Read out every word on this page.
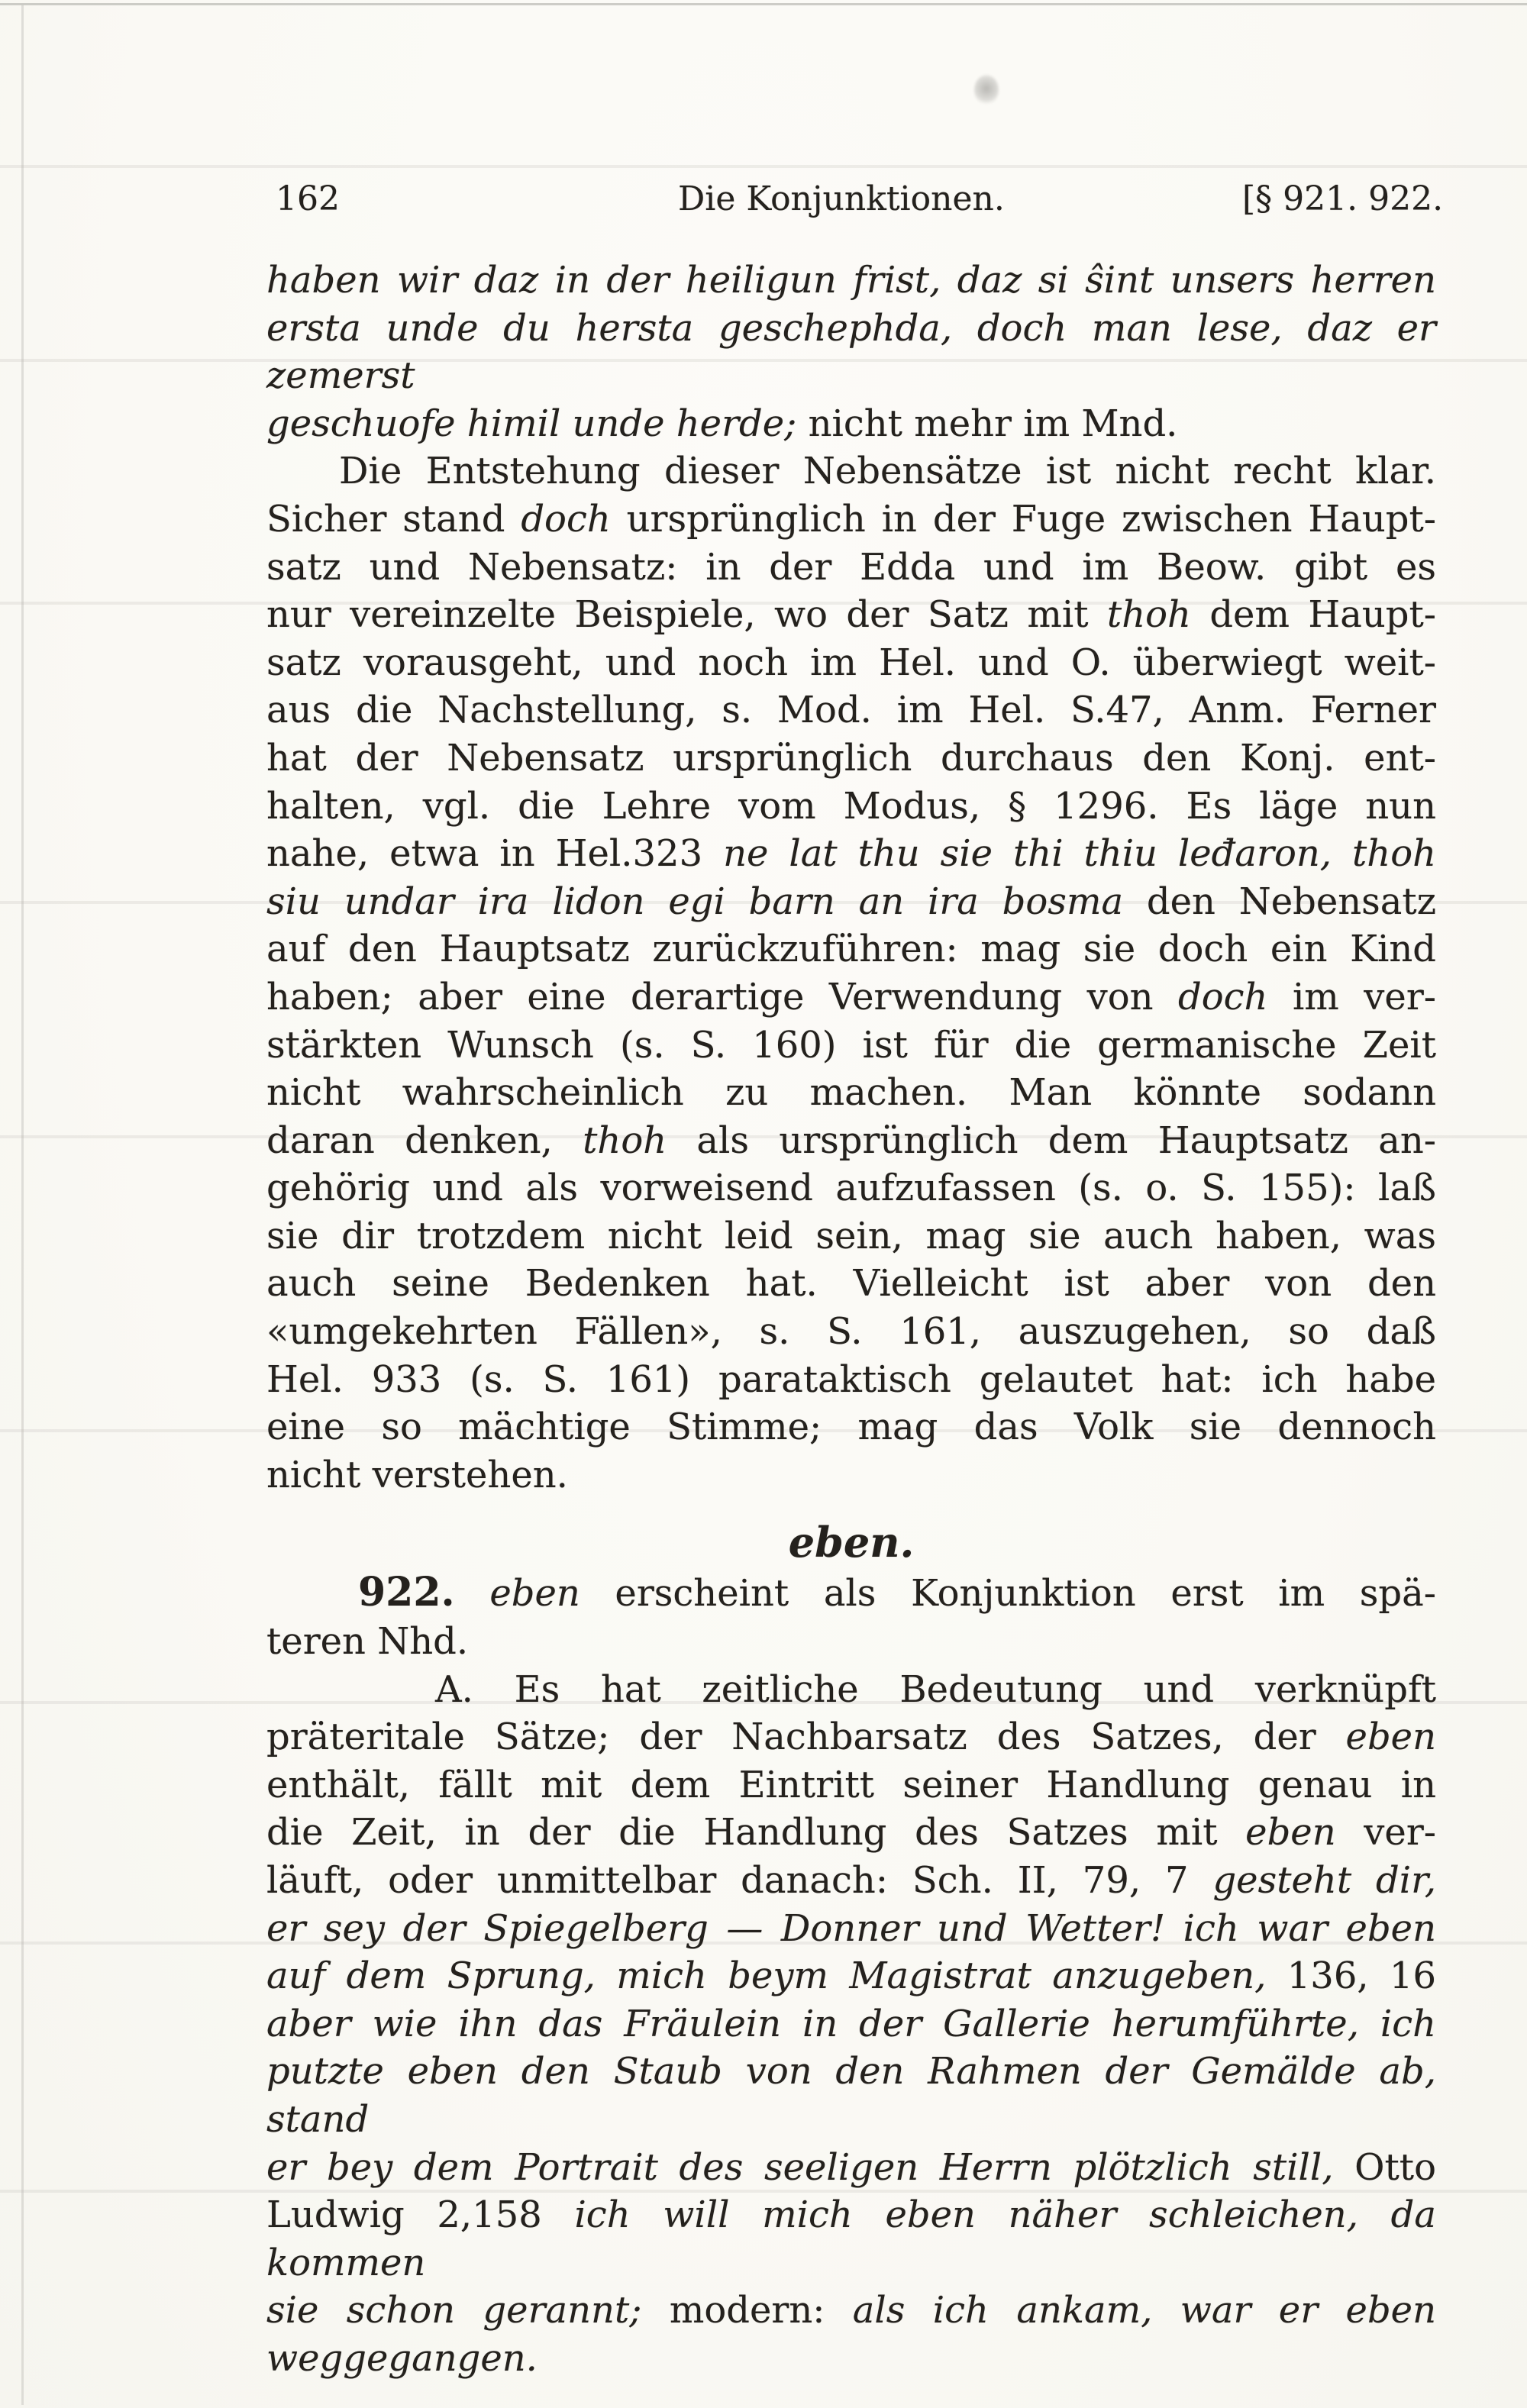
162	Die Konjunktionen.	[§ 921. 922.
haben wir daz in der heiligun frist, daz si ŝint unsers herren
ersta unde du hersta geschephda, doch man lese, daz er zemerst
geschuofe himil unde herde; nicht mehr im Mnd.
Die Entstehung dieser Nebensätze ist nicht recht klar.
Sicher stand doch ursprünglich in der Fuge zwischen Haupt-
satz und Nebensatz: in der Edda und im Beow. gibt es
nur vereinzelte Beispiele, wo der Satz mit thoh dem Haupt-
satz vorausgeht, und noch im Hel. und O. überwiegt weit-
aus die Nachstellung, s. Mod. im Hel. S.47, Anm. Ferner
hat der Nebensatz ursprünglich durchaus den Konj. ent-
halten, vgl. die Lehre vom Modus, § 1296. Es läge nun
nahe, etwa in Hel.323 ne lat thu sie thi thiu leđaron, thoh
siu undar ira lidon egi barn an ira bosma den Nebensatz
auf den Hauptsatz zurückzuführen: mag sie doch ein Kind
haben; aber eine derartige Verwendung von doch im ver-
stärkten Wunsch (s. S. 160) ist für die germanische Zeit
nicht wahrscheinlich zu machen. Man könnte sodann
daran denken, thoh als ursprünglich dem Hauptsatz an-
gehörig und als vorweisend aufzufassen (s. o. S. 155): laß
sie dir trotzdem nicht leid sein, mag sie auch haben, was
auch seine Bedenken hat. Vielleicht ist aber von den
«umgekehrten Fällen», s. S. 161, auszugehen, so daß
Hel. 933 (s. S. 161) parataktisch gelautet hat: ich habe
eine so mächtige Stimme; mag das Volk sie dennoch
nicht verstehen.
eben.
922. eben erscheint als Konjunktion erst im spä-
teren Nhd.
A. Es hat zeitliche Bedeutung und verknüpft
präteritale Sätze; der Nachbarsatz des Satzes, der eben
enthält, fällt mit dem Eintritt seiner Handlung genau in
die Zeit, in der die Handlung des Satzes mit eben ver-
läuft, oder unmittelbar danach: Sch. II, 79, 7 gesteht dir,
er sey der Spiegelberg — Donner und Wetter! ich war eben
auf dem Sprung, mich beym Magistrat anzugeben, 136, 16
aber wie ihn das Fräulein in der Gallerie herumführte, ich
putzte eben den Staub von den Rahmen der Gemälde ab, stand
er bey dem Portrait des seeligen Herrn plötzlich still, Otto
Ludwig 2,158 ich will mich eben näher schleichen, da kommen
sie schon gerannt; modern: als ich ankam, war er eben
weggegangen.
